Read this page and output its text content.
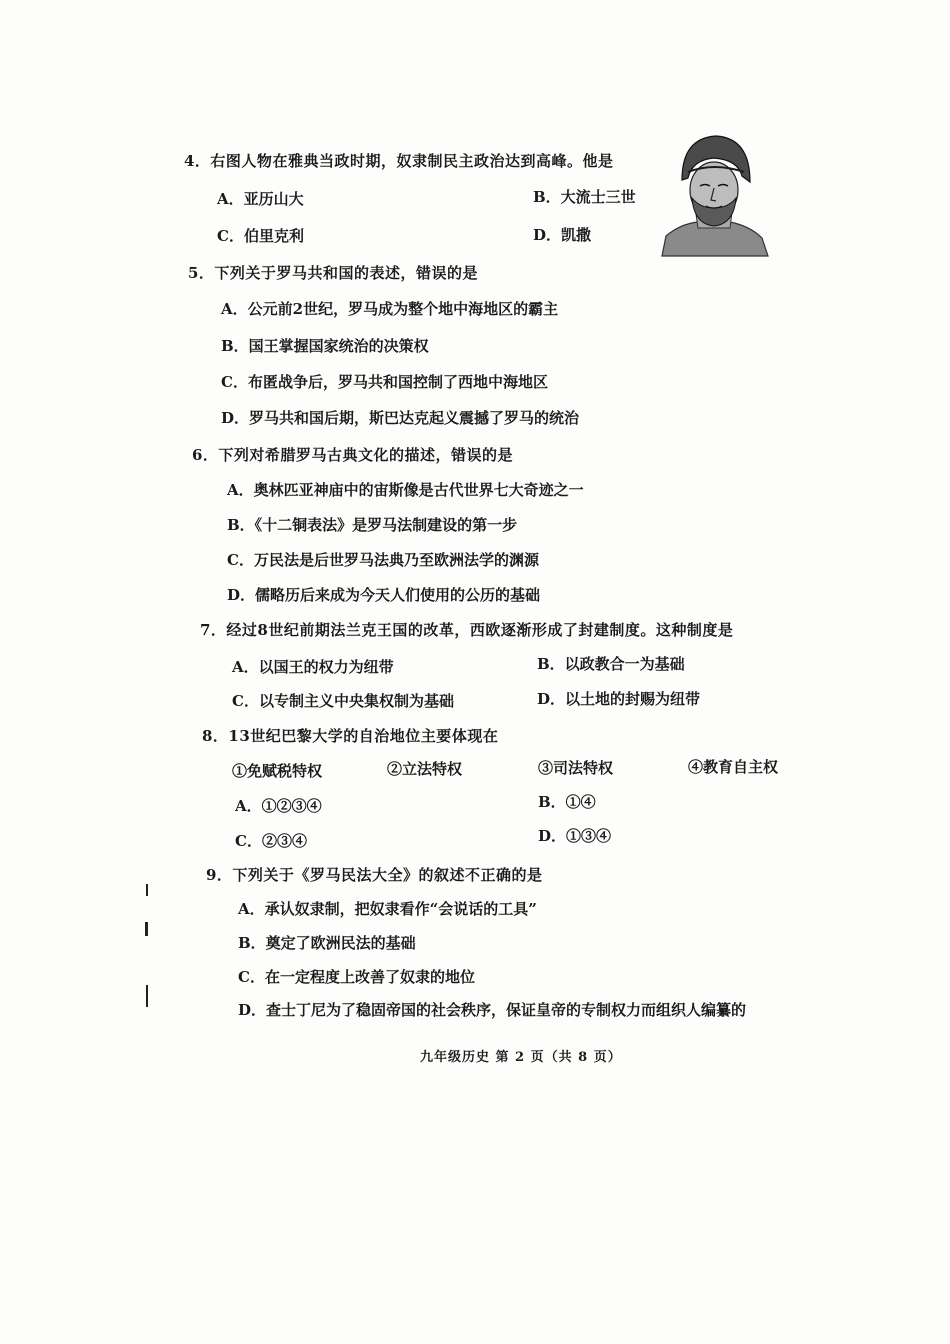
4．右图人物在雅典当政时期，奴隶制民主政治达到高峰。他是
A．亚历山大	B．大流士三世
C．伯里克利	D．凯撒
5．下列关于罗马共和国的表述，错误的是
A．公元前2世纪，罗马成为整个地中海地区的霸主
B．国王掌握国家统治的决策权
C．布匿战争后，罗马共和国控制了西地中海地区
D．罗马共和国后期，斯巴达克起义震撼了罗马的统治
6．下列对希腊罗马古典文化的描述，错误的是
A．奥林匹亚神庙中的宙斯像是古代世界七大奇迹之一
B．《十二铜表法》是罗马法制建设的第一步
C．万民法是后世罗马法典乃至欧洲法学的渊源
D．儒略历后来成为今天人们使用的公历的基础
7．经过8世纪前期法兰克王国的改革，西欧逐渐形成了封建制度。这种制度是
A．以国王的权力为纽带	B．以政教合一为基础
C．以专制主义中央集权制为基础	D．以土地的封赐为纽带
8．13世纪巴黎大学的自治地位主要体现在
①免赋税特权	②立法特权	③司法特权	④教育自主权
A．①②③④	B．①④
C．②③④	D．①③④
9．下列关于《罗马民法大全》的叙述不正确的是
A．承认奴隶制，把奴隶看作“会说话的工具”
B．奠定了欧洲民法的基础
C．在一定程度上改善了奴隶的地位
D．查士丁尼为了稳固帝国的社会秩序，保证皇帝的专制权力而组织人编纂的
九年级历史 第 2 页（共 8 页）
